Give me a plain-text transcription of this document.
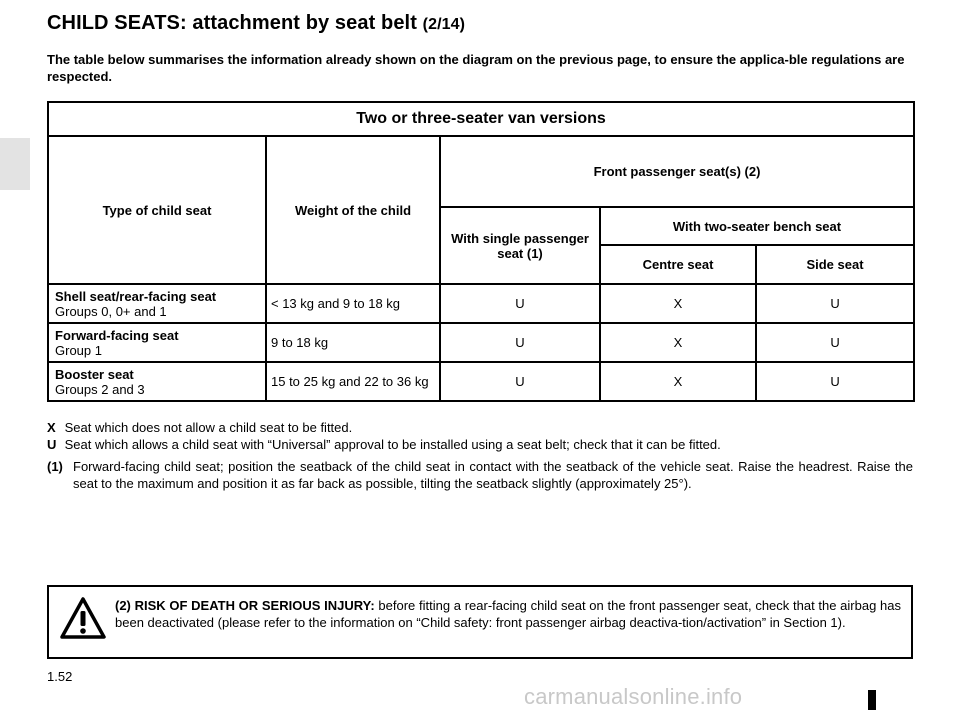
CHILD SEATS: attachment by seat belt (2/14)
The table below summarises the information already shown on the diagram on the previous page, to ensure the applica-ble regulations are respected.
Two or three-seater van versions				
Type of child seat	Weight of the child	Front passenger seat(s) (2)		
		With single passenger seat (1)	With two-seater bench seat	
			Centre seat	Side seat

Shell seat/rear-facing seat
Groups 0, 0+ and 1	< 13 kg and 9 to 18 kg	U	X	U

Forward-facing seat
Group 1	9 to 18 kg	U	X	U

Booster seat
Groups 2 and 3	15 to 25 kg and 22 to 36 kg	U	X	U

X Seat which does not allow a child seat to be fitted.

U Seat which allows a child seat with “Universal” approval to be installed using a seat belt; check that it can be fitted.

(1) Forward-facing child seat; position the seatback of the child seat in contact with the seatback of the vehicle seat. Raise the headrest. Raise the seat to the maximum and position it as far back as possible, tilting the seatback slightly (approximately 25°).
(2) RISK OF DEATH OR SERIOUS INJURY: before fitting a rear-facing child seat on the front passenger seat, check that the airbag has been deactivated (please refer to the information on “Child safety: front passenger airbag deactiva-tion/activation” in Section 1).
1.52
carmanualsonline.info
